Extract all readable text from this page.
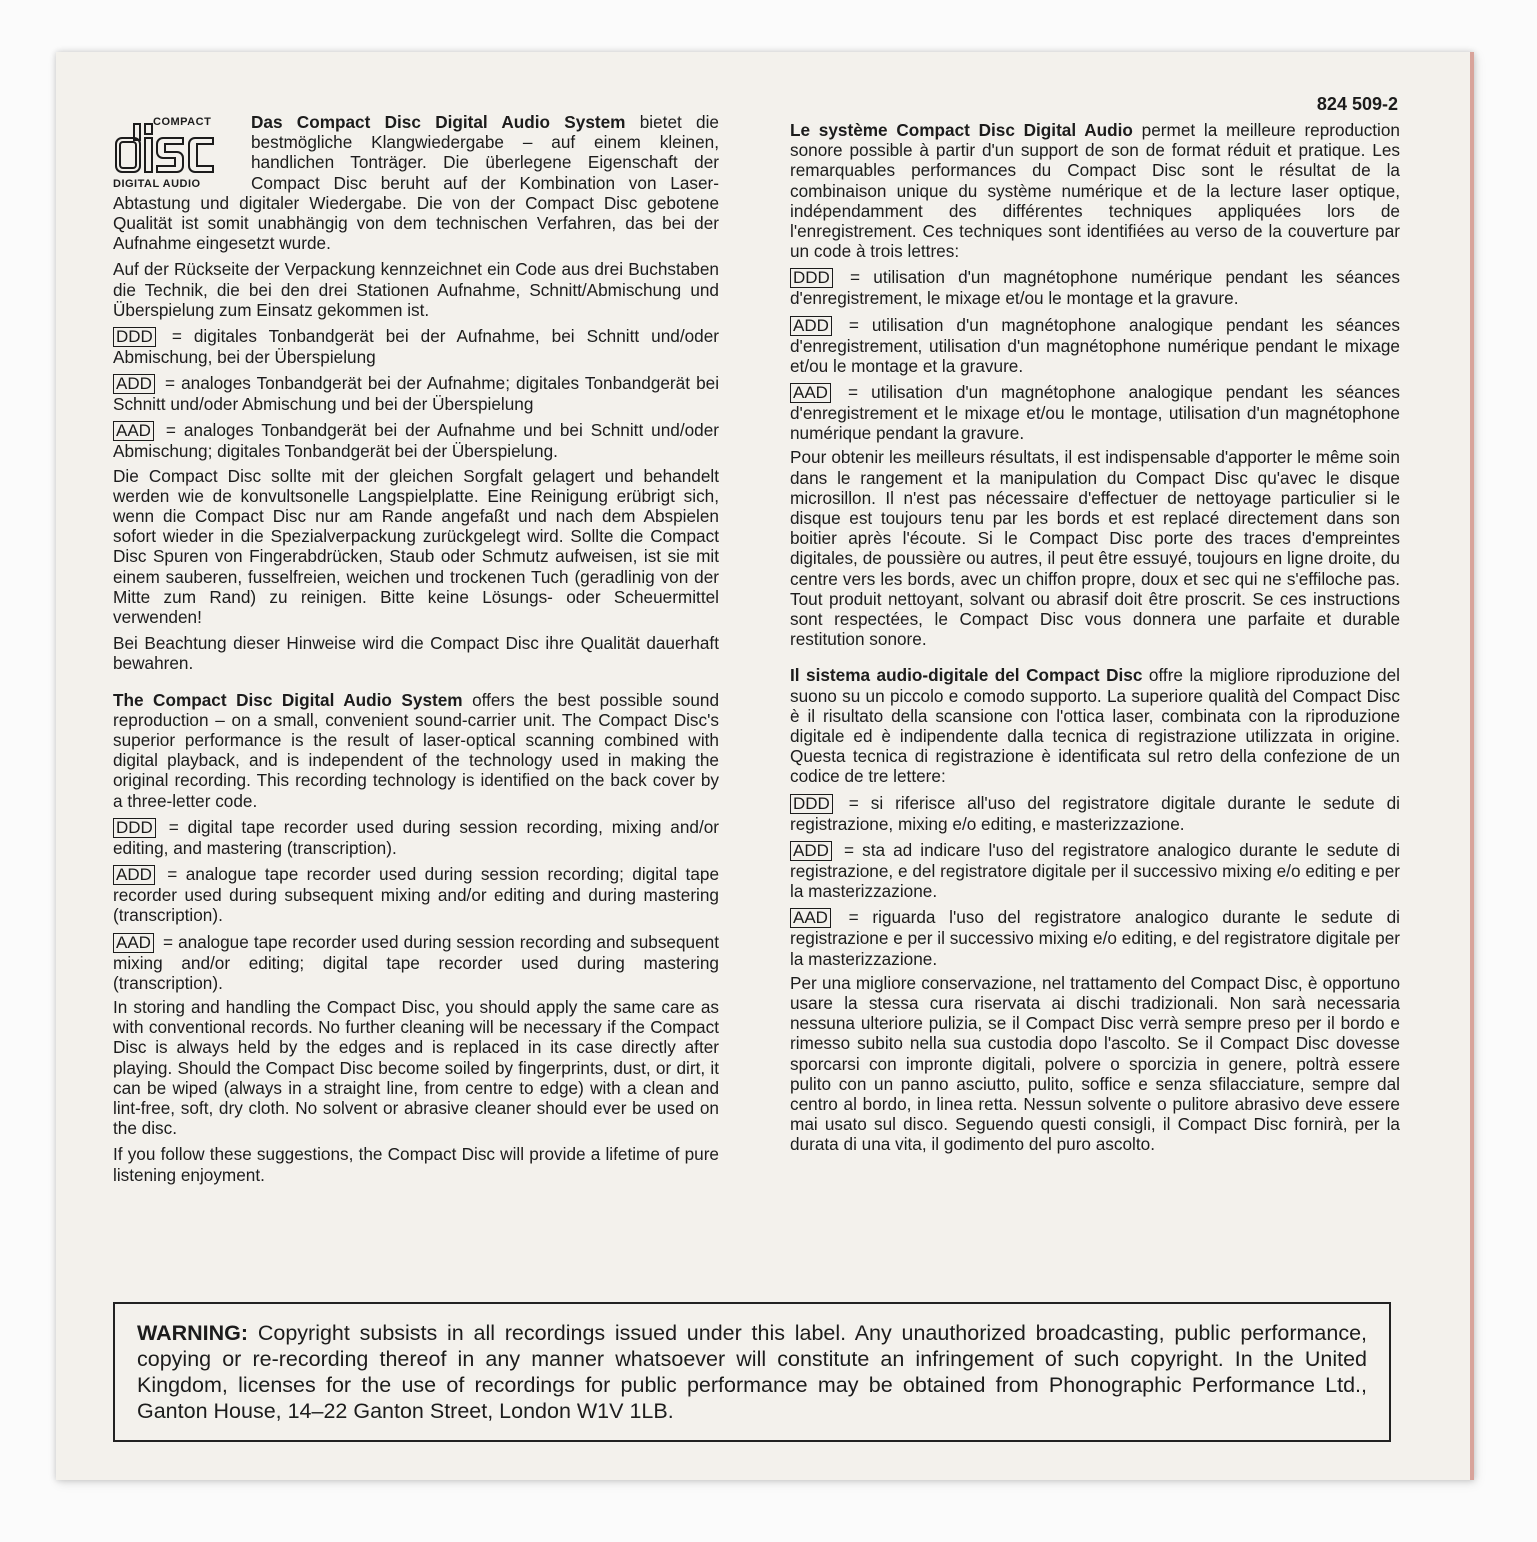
824 509-2
COMPACT
DIGITAL AUDIO

Das Compact Disc Digital Audio System bietet die bestmögliche Klangwiedergabe – auf einem kleinen, handlichen Tonträger. Die überlegene Eigenschaft der Compact Disc beruht auf der Kombination von Laser-Abtastung und digitaler Wiedergabe. Die von der Compact Disc gebotene Qualität ist somit unabhängig von dem technischen Verfahren, das bei der Aufnahme eingesetzt wurde.

Auf der Rückseite der Verpackung kennzeichnet ein Code aus drei Buchstaben die Technik, die bei den drei Stationen Aufnahme, Schnitt/Abmischung und Überspielung zum Einsatz gekommen ist.

DDD = digitales Tonbandgerät bei der Aufnahme, bei Schnitt und/oder Abmischung, bei der Überspielung
ADD = analoges Tonbandgerät bei der Aufnahme; digitales Tonbandgerät bei Schnitt und/oder Abmischung und bei der Überspielung
AAD = analoges Tonbandgerät bei der Aufnahme und bei Schnitt und/oder Abmischung; digitales Tonbandgerät bei der Überspielung.

Die Compact Disc sollte mit der gleichen Sorgfalt gelagert und behandelt werden wie de konvultsonelle Langspielplatte. Eine Reinigung erübrigt sich, wenn die Compact Disc nur am Rande angefaßt und nach dem Abspielen sofort wieder in die Spezialverpackung zurückgelegt wird. Sollte die Compact Disc Spuren von Fingerabdrücken, Staub oder Schmutz aufweisen, ist sie mit einem sauberen, fusselfreien, weichen und trockenen Tuch (geradlinig von der Mitte zum Rand) zu reinigen. Bitte keine Lösungs- oder Scheuermittel verwenden!

Bei Beachtung dieser Hinweise wird die Compact Disc ihre Qualität dauerhaft bewahren.

The Compact Disc Digital Audio System offers the best possible sound reproduction – on a small, convenient sound-carrier unit. The Compact Disc's superior performance is the result of laser-optical scanning combined with digital playback, and is independent of the technology used in making the original recording. This recording technology is identified on the back cover by a three-letter code.

DDD = digital tape recorder used during session recording, mixing and/or editing, and mastering (transcription).
ADD = analogue tape recorder used during session recording; digital tape recorder used during subsequent mixing and/or editing and during mastering (transcription).
AAD = analogue tape recorder used during session recording and subsequent mixing and/or editing; digital tape recorder used during mastering (transcription).

In storing and handling the Compact Disc, you should apply the same care as with conventional records. No further cleaning will be necessary if the Compact Disc is always held by the edges and is replaced in its case directly after playing. Should the Compact Disc become soiled by fingerprints, dust, or dirt, it can be wiped (always in a straight line, from centre to edge) with a clean and lint-free, soft, dry cloth. No solvent or abrasive cleaner should ever be used on the disc.

If you follow these suggestions, the Compact Disc will provide a lifetime of pure listening enjoyment.

Le système Compact Disc Digital Audio permet la meilleure reproduction sonore possible à partir d'un support de son de format réduit et pratique. Les remarquables performances du Compact Disc sont le résultat de la combinaison unique du système numérique et de la lecture laser optique, indépendamment des différentes techniques appliquées lors de l'enregistrement. Ces techniques sont identifiées au verso de la couverture par un code à trois lettres:

DDD = utilisation d'un magnétophone numérique pendant les séances d'enregistrement, le mixage et/ou le montage et la gravure.
ADD = utilisation d'un magnétophone analogique pendant les séances d'enregistrement, utilisation d'un magnétophone numérique pendant le mixage et/ou le montage et la gravure.
AAD = utilisation d'un magnétophone analogique pendant les séances d'enregistrement et le mixage et/ou le montage, utilisation d'un magnétophone numérique pendant la gravure.

Pour obtenir les meilleurs résultats, il est indispensable d'apporter le même soin dans le rangement et la manipulation du Compact Disc qu'avec le disque microsillon. Il n'est pas nécessaire d'effectuer de nettoyage particulier si le disque est toujours tenu par les bords et est replacé directement dans son boitier après l'écoute. Si le Compact Disc porte des traces d'empreintes digitales, de poussière ou autres, il peut être essuyé, toujours en ligne droite, du centre vers les bords, avec un chiffon propre, doux et sec qui ne s'effiloche pas. Tout produit nettoyant, solvant ou abrasif doit être proscrit. Se ces instructions sont respectées, le Compact Disc vous donnera une parfaite et durable restitution sonore.

Il sistema audio-digitale del Compact Disc offre la migliore riproduzione del suono su un piccolo e comodo supporto. La superiore qualità del Compact Disc è il risultato della scansione con l'ottica laser, combinata con la riproduzione digitale ed è indipendente dalla tecnica di registrazione utilizzata in origine. Questa tecnica di registrazione è identificata sul retro della confezione de un codice de tre lettere:

DDD = si riferisce all'uso del registratore digitale durante le sedute di registrazione, mixing e/o editing, e masterizzazione.
ADD = sta ad indicare l'uso del registratore analogico durante le sedute di registrazione, e del registratore digitale per il successivo mixing e/o editing e per la masterizzazione.
AAD = riguarda l'uso del registratore analogico durante le sedute di registrazione e per il successivo mixing e/o editing, e del registratore digitale per la masterizzazione.

Per una migliore conservazione, nel trattamento del Compact Disc, è opportuno usare la stessa cura riservata ai dischi tradizionali. Non sarà necessaria nessuna ulteriore pulizia, se il Compact Disc verrà sempre preso per il bordo e rimesso subito nella sua custodia dopo l'ascolto. Se il Compact Disc dovesse sporcarsi con impronte digitali, polvere o sporcizia in genere, poltrà essere pulito con un panno asciutto, pulito, soffice e senza sfilacciature, sempre dal centro al bordo, in linea retta. Nessun solvente o pulitore abrasivo deve essere mai usato sul disco. Seguendo questi consigli, il Compact Disc fornirà, per la durata di una vita, il godimento del puro ascolto.

WARNING: Copyright subsists in all recordings issued under this label. Any unauthorized broadcasting, public performance, copying or re-recording thereof in any manner whatsoever will constitute an infringement of such copyright. In the United Kingdom, licenses for the use of recordings for public performance may be obtained from Phonographic Performance Ltd., Ganton House, 14–22 Ganton Street, London W1V 1LB.
